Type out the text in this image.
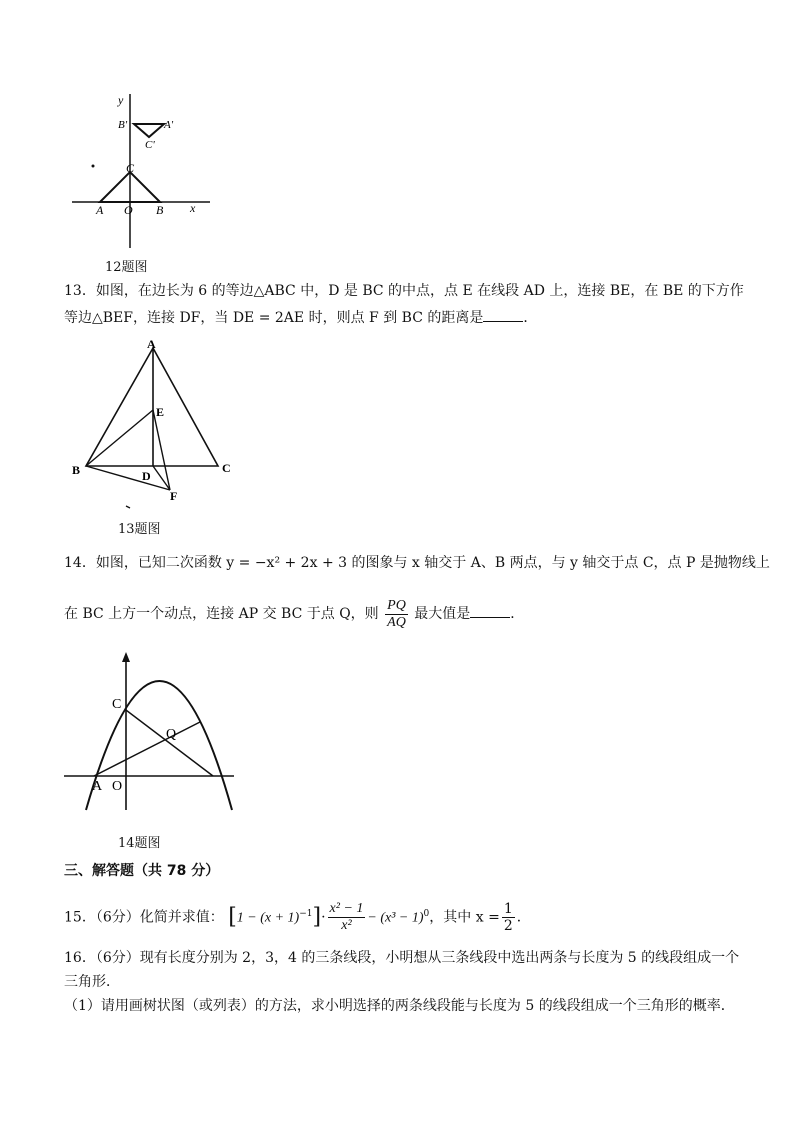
y
x
A O B
C
B'	A'
C'
12题图
13．如图，在边长为 6 的等边△ABC 中，D 是 BC 的中点，点 E 在线段 AD 上，连接 BE，在 BE 的下方作
等边△BEF，连接 DF，当 DE = 2AE 时，则点 F 到 BC 的距离是	．
A
B	C
D
E
F
13题图
14．如图，已知二次函数 y = −x² + 2x + 3 的图象与 x 轴交于 A、B 两点，与 y 轴交于点 C，点 P 是抛物线上
在 BC 上方一个动点，连接 AP 交 BC 于点 Q，则 $\frac{PQ}{AQ}$ 最大值是	．
C
Q
A O
14题图
三、解答题（共 78 分）
15．（6分）化简并求值： $[1 - (x + 1)^{-1}]\cdot \frac{\text{x² − 1}}{\text{x²}} - (x^3 - 1)^0$，其中 $x = \frac{1}{2}$ ．
16．（6分）现有长度分别为 2，3，4 的三条线段，小明想从三条线段中选出两条与长度为 5 的线段组成一个
三角形．
（1）请用画树状图（或列表）的方法，求小明选择的两条线段能与长度为 5 的线段组成一个三角形的概率．
